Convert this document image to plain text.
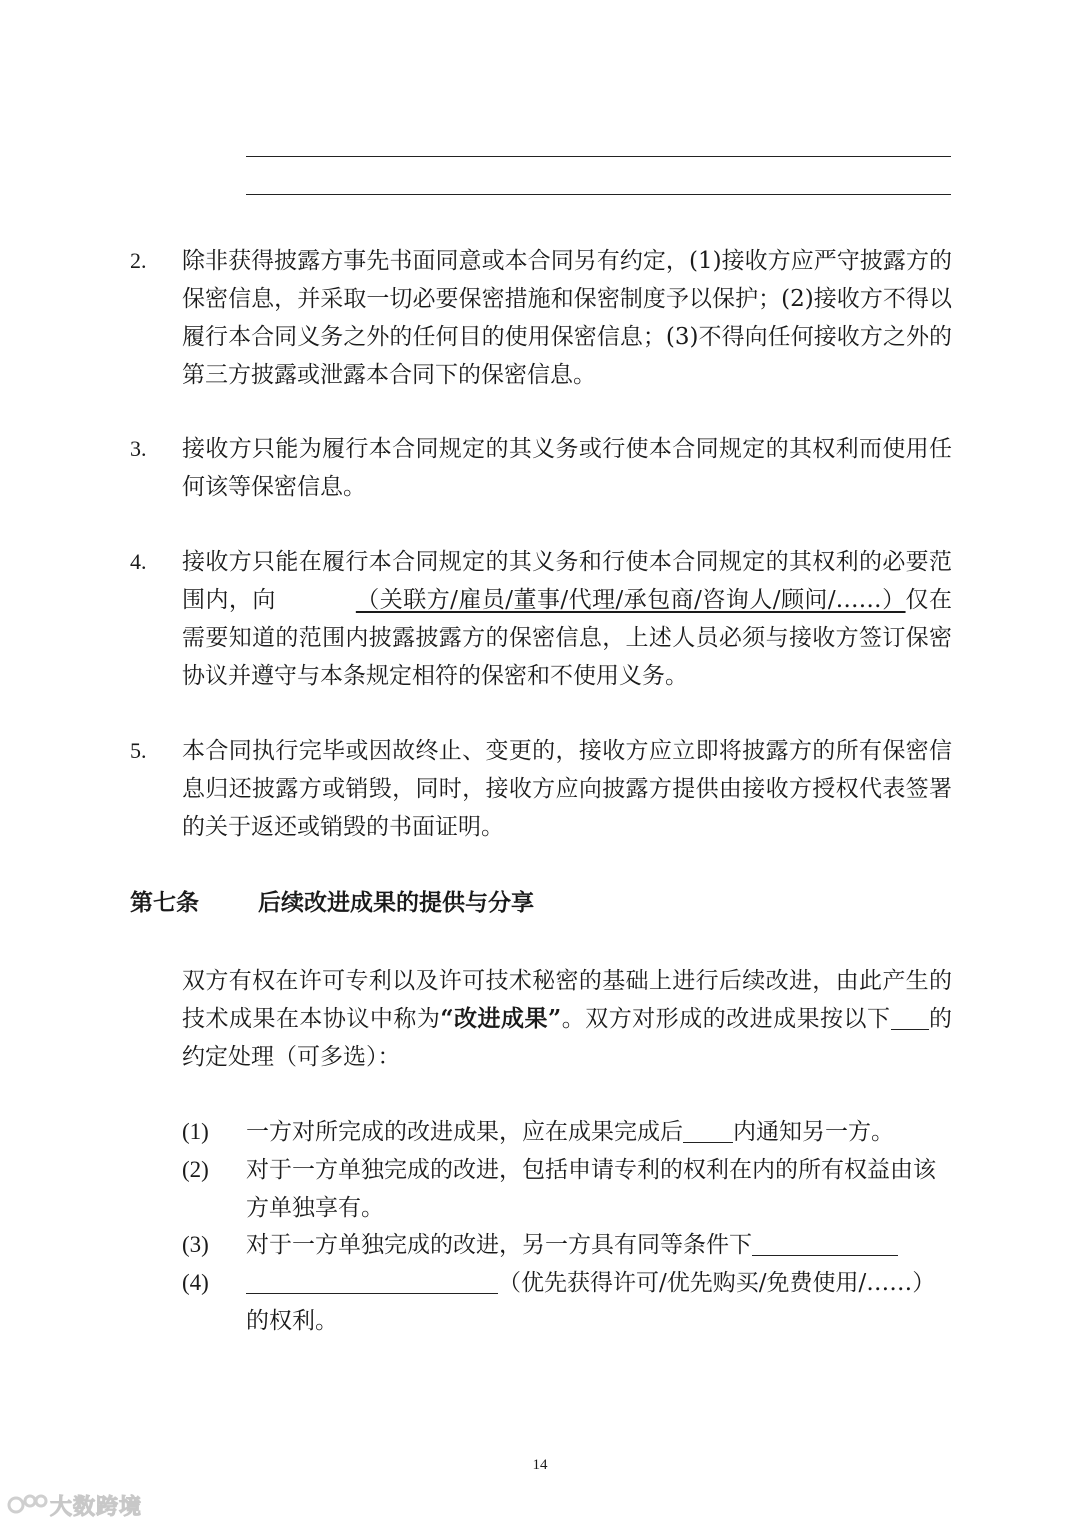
2. 除非获得披露方事先书面同意或本合同另有约定，(1)接收方应严守披露方的保密信息，并采取一切必要保密措施和保密制度予以保护；(2)接收方不得以履行本合同义务之外的任何目的使用保密信息；(3)不得向任何接收方之外的第三方披露或泄露本合同下的保密信息。
3. 接收方只能为履行本合同规定的其义务或行使本合同规定的其权利而使用任何该等保密信息。
4. 接收方只能在履行本合同规定的其义务和行使本合同规定的其权利的必要范围内，向	（关联方/雇员/董事/代理/承包商/咨询人/顾问/……）仅在需要知道的范围内披露披露方的保密信息，上述人员必须与接收方签订保密协议并遵守与本条规定相符的保密和不使用义务。
5. 本合同执行完毕或因故终止、变更的，接收方应立即将披露方的所有保密信息归还披露方或销毁，同时，接收方应向披露方提供由接收方授权代表签署的关于返还或销毁的书面证明。
第七条	后续改进成果的提供与分享
双方有权在许可专利以及许可技术秘密的基础上进行后续改进，由此产生的技术成果在本协议中称为“改进成果”。双方对形成的改进成果按以下 的约定处理（可多选）：
(1) 一方对所完成的改进成果，应在成果完成后 内通知另一方。
(2) 对于一方单独完成的改进，包括申请专利的权利在内的所有权益由该方单独享有。
(3) 对于一方单独完成的改进，另一方具有同等条件下
(4)	（优先获得许可/优先购买/免费使用/……）
的权利。
14
大数跨境
